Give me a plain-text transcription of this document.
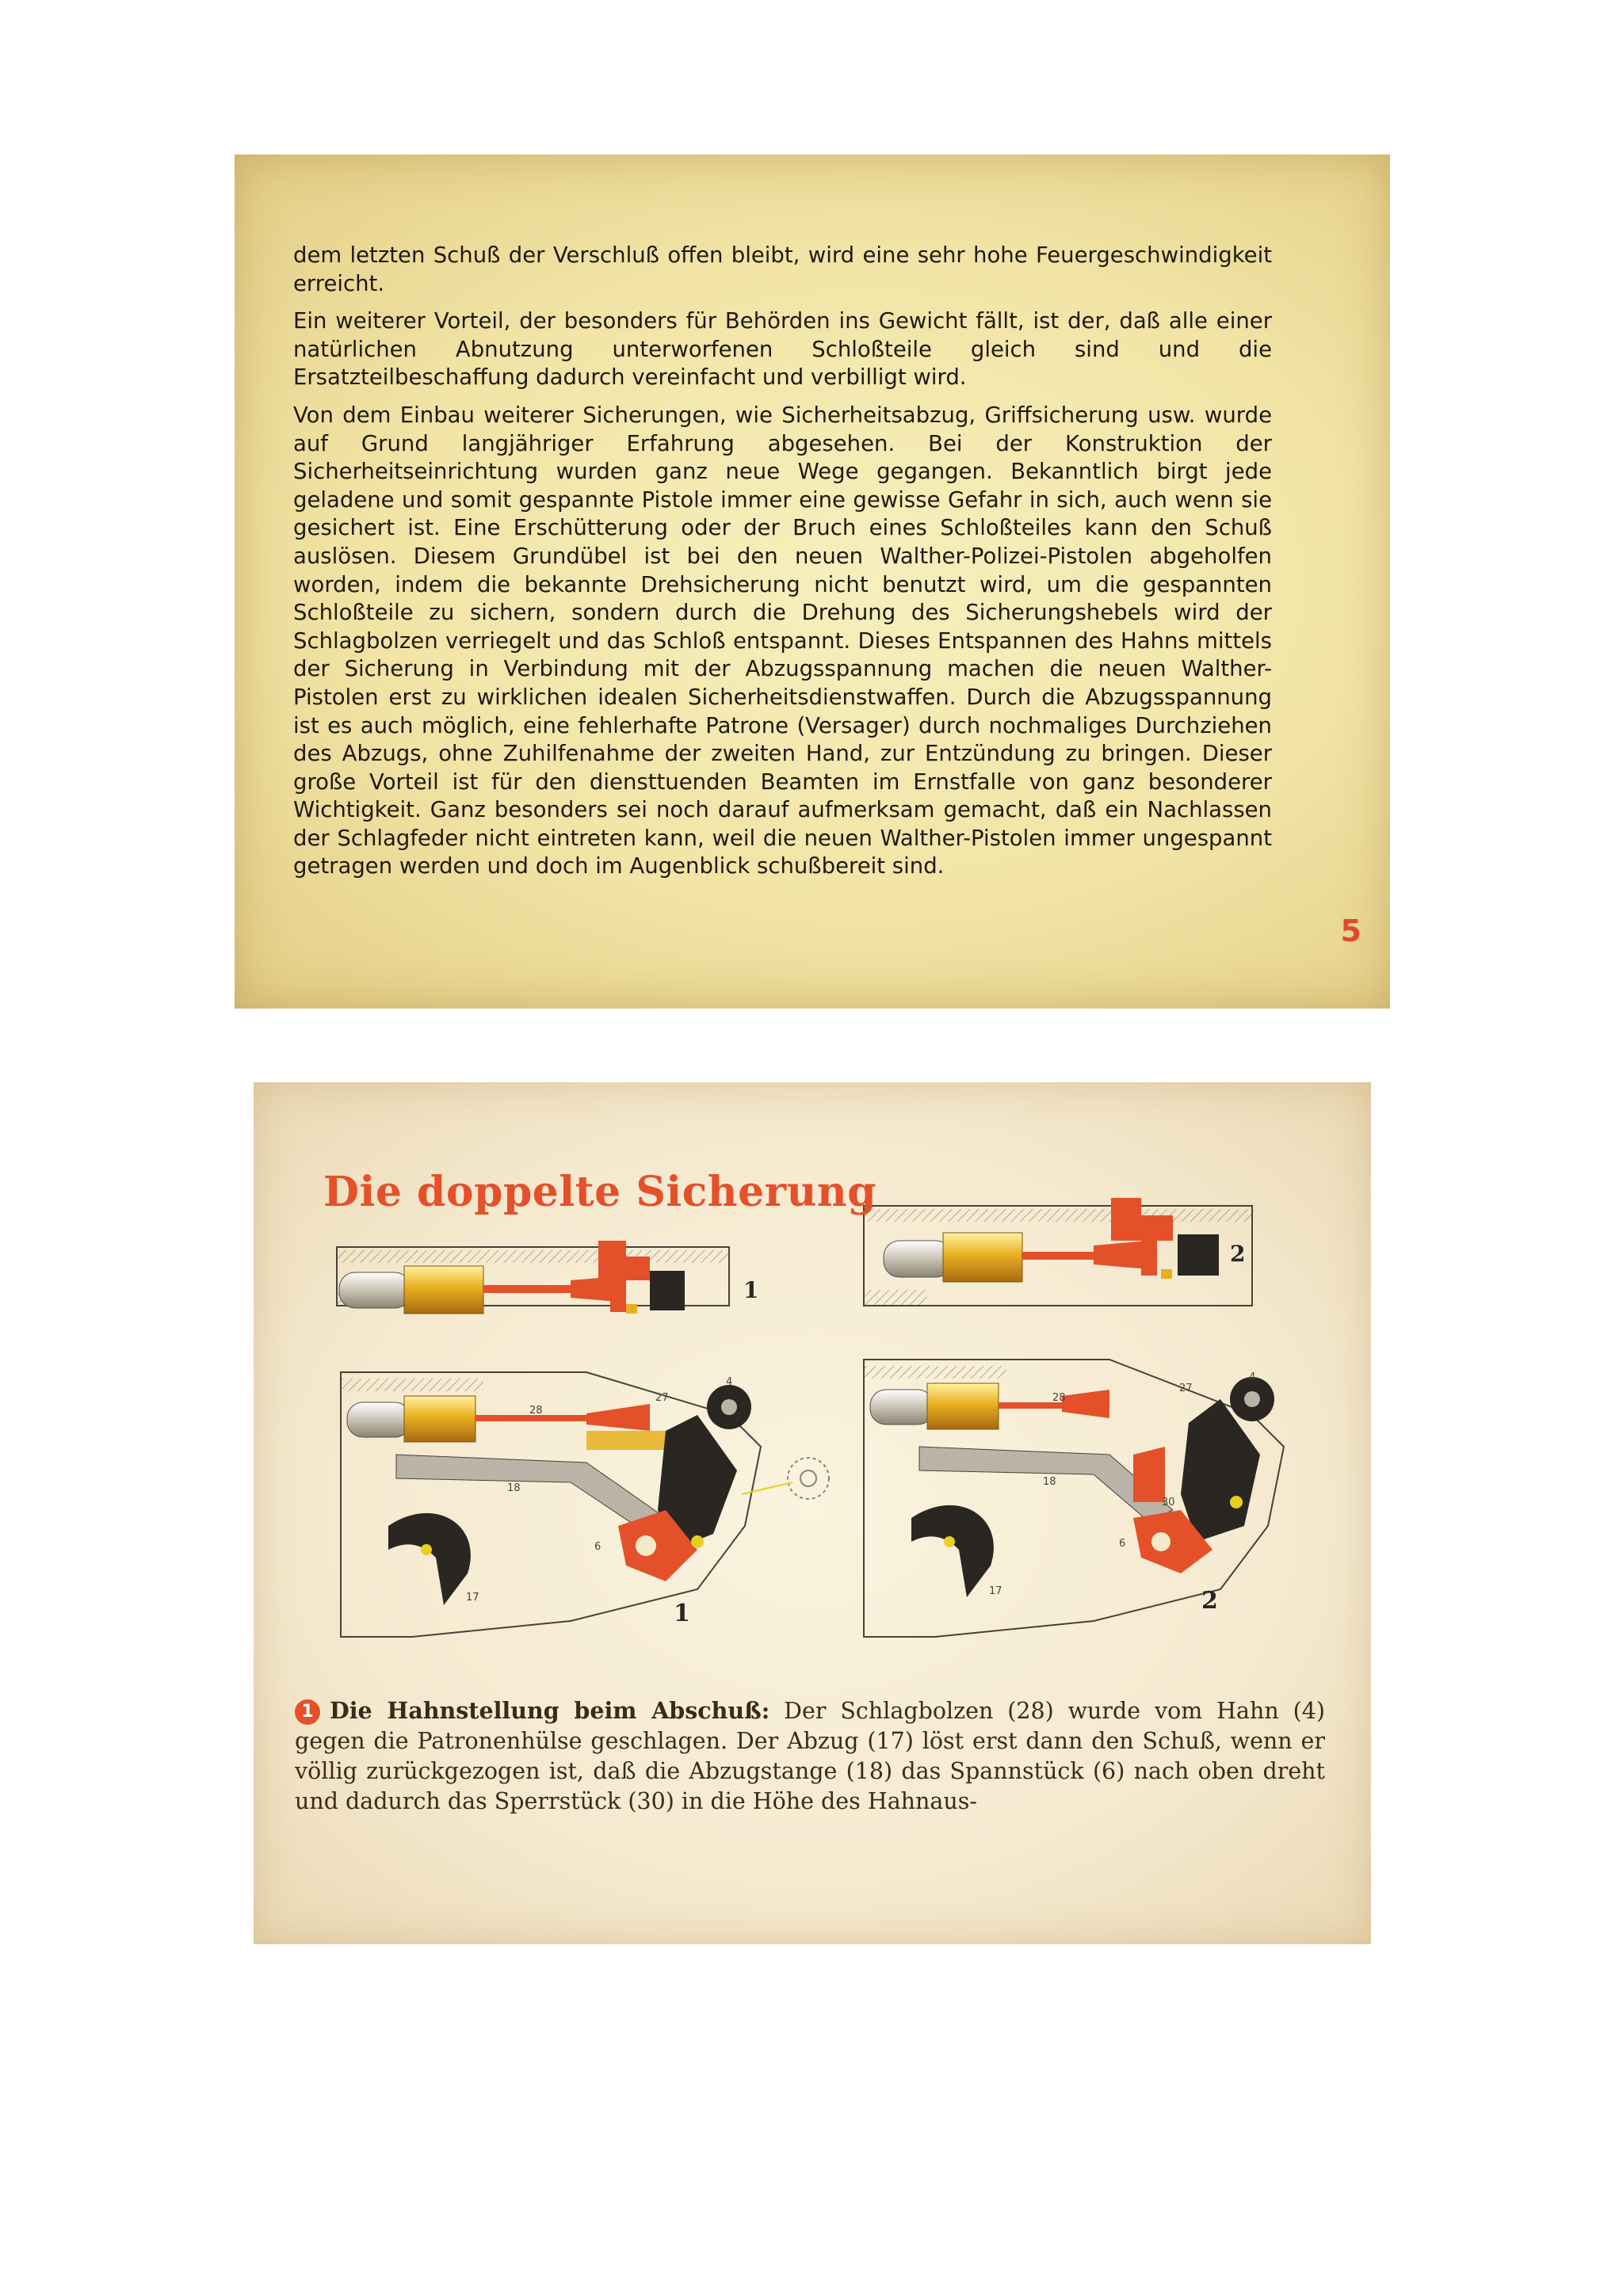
dem letzten Schuß der Verschluß offen bleibt, wird eine sehr hohe Feuergeschwindigkeit erreicht.

Ein weiterer Vorteil, der besonders für Behörden ins Gewicht fällt, ist der, daß alle einer natürlichen Abnutzung unterworfenen Schloßteile gleich sind und die Ersatzteilbeschaffung dadurch vereinfacht und verbilligt wird.

Von dem Einbau weiterer Sicherungen, wie Sicherheitsabzug, Griffsicherung usw. wurde auf Grund langjähriger Erfahrung abgesehen. Bei der Konstruktion der Sicherheitseinrichtung wurden ganz neue Wege gegangen. Bekanntlich birgt jede geladene und somit gespannte Pistole immer eine gewisse Gefahr in sich, auch wenn sie gesichert ist. Eine Erschütterung oder der Bruch eines Schloßteiles kann den Schuß auslösen. Diesem Grundübel ist bei den neuen Walther-Polizei-Pistolen abgeholfen worden, indem die bekannte Drehsicherung nicht benutzt wird, um die gespannten Schloßteile zu sichern, sondern durch die Drehung des Sicherungshebels wird der Schlagbolzen verriegelt und das Schloß entspannt. Dieses Entspannen des Hahns mittels der Sicherung in Verbindung mit der Abzugsspannung machen die neuen Walther-Pistolen erst zu wirklichen idealen Sicherheitsdienstwaffen. Durch die Abzugsspannung ist es auch möglich, eine fehlerhafte Patrone (Versager) durch nochmaliges Durchziehen des Abzugs, ohne Zuhilfenahme der zweiten Hand, zur Entzündung zu bringen. Dieser große Vorteil ist für den diensttuenden Beamten im Ernstfalle von ganz besonderer Wichtigkeit. Ganz besonders sei noch darauf aufmerksam gemacht, daß ein Nachlassen der Schlagfeder nicht eintreten kann, weil die neuen Walther-Pistolen immer ungespannt getragen werden und doch im Augenblick schußbereit sind.

5
1
2
28
27
4
18
6
17
1
28
27
4
18
6
17
30
2
Die doppelte Sicherung
1 Die Hahnstellung beim Abschuß: Der Schlagbolzen (28) wurde vom Hahn (4) gegen die Patronenhülse geschlagen. Der Abzug (17) löst erst dann den Schuß, wenn er völlig zurückgezogen ist, daß die Abzugstange (18) das Spannstück (6) nach oben dreht und dadurch das Sperrstück (30) in die Höhe des Hahnaus-
